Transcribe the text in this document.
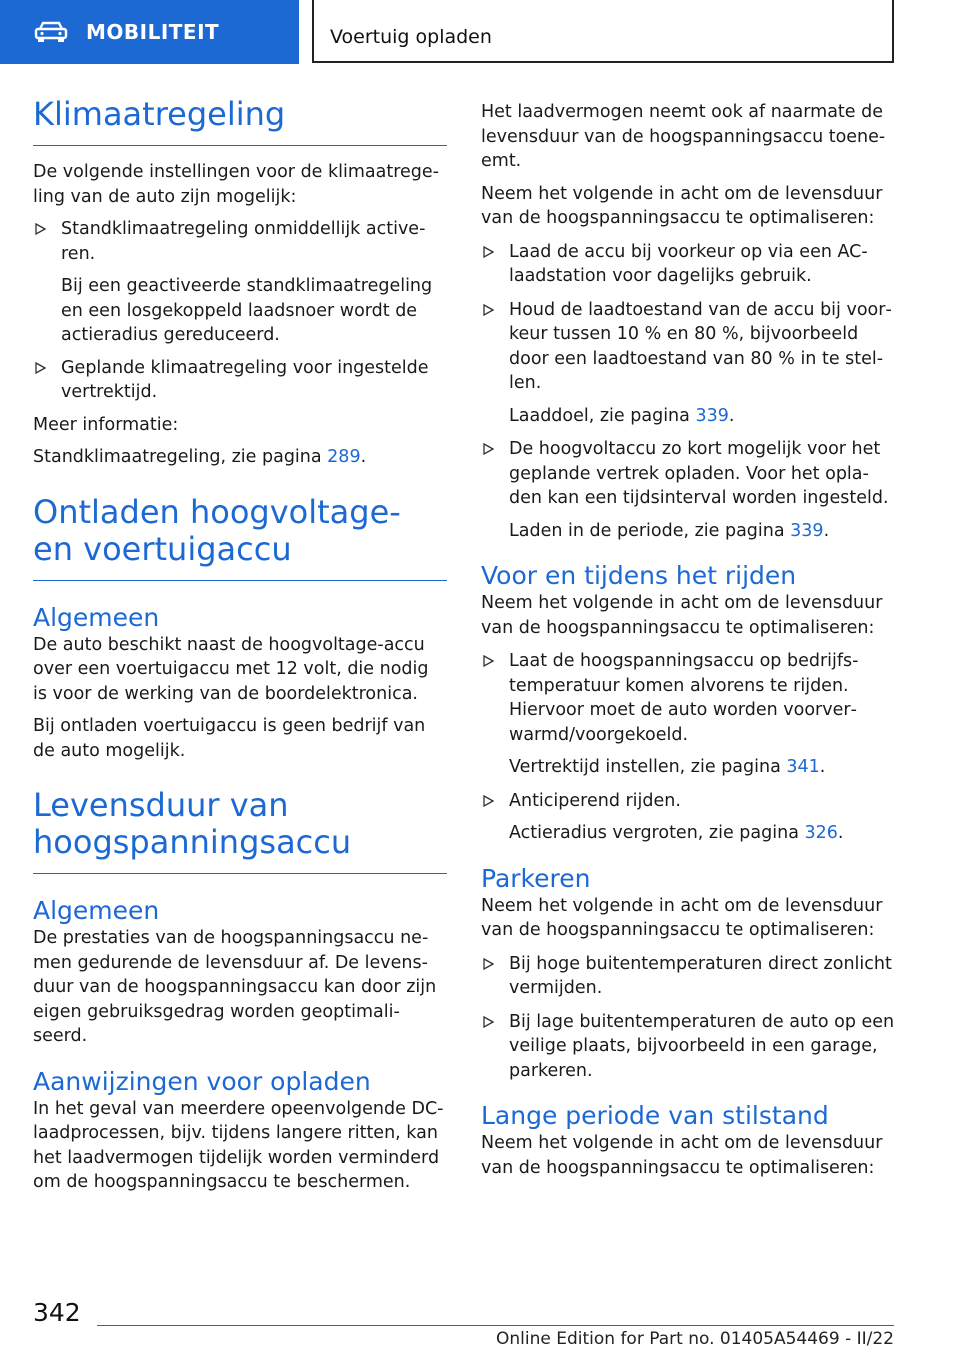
MOBILITEIT	Voertuig opladen
Klimaatregeling

De volgende instellingen voor de klimaatregeling van de auto zijn mogelijk:

Standklimaatregeling onmiddellijk activeren.

Bij een geactiveerde standklimaatregeling en een losgekoppeld laadsnoer wordt de actieradius gereduceerd.

Geplande klimaatregeling voor ingestelde vertrektijd.

Meer informatie:

Standklimaatregeling, zie pagina 289.

Ontladen hoogvoltage- en voertuigaccu
Algemeen

De auto beschikt naast de hoogvoltage-accu over een voertuigaccu met 12 volt, die nodig is voor de werking van de boordelektronica.

Bij ontladen voertuigaccu is geen bedrijf van de auto mogelijk.

Levensduur van hoogspanningsaccu
Algemeen

De prestaties van de hoogspanningsaccu nemen gedurende de levensduur af. De levensduur van de hoogspanningsaccu kan door zijn eigen gebruiksgedrag worden geoptimaliseerd.

Aanwijzingen voor opladen

In het geval van meerdere opeenvolgende DC-laadprocessen, bijv. tijdens langere ritten, kan het laadvermogen tijdelijk worden verminderd om de hoogspanningsaccu te beschermen.

Het laadvermogen neemt ook af naarmate de levensduur van de hoogspanningsaccu toeneemt.

Neem het volgende in acht om de levensduur van de hoogspanningsaccu te optimaliseren:

Laad de accu bij voorkeur op via een AC-laadstation voor dagelijks gebruik.
Houd de laadtoestand van de accu bij voorkeur tussen 10 % en 80 %, bijvoorbeeld door een laadtoestand van 80 % in te stellen.

Laaddoel, zie pagina 339.

De hoogvoltaccu zo kort mogelijk voor het geplande vertrek opladen. Voor het opladen kan een tijdsinterval worden ingesteld.

Laden in de periode, zie pagina 339.

Voor en tijdens het rijden

Neem het volgende in acht om de levensduur van de hoogspanningsaccu te optimaliseren:

Laat de hoogspanningsaccu op bedrijfstemperatuur komen alvorens te rijden. Hiervoor moet de auto worden voorverwarmd/voorgekoeld.

Vertrektijd instellen, zie pagina 341.

Anticiperend rijden.

Actieradius vergroten, zie pagina 326.

Parkeren

Neem het volgende in acht om de levensduur van de hoogspanningsaccu te optimaliseren:

Bij hoge buitentemperaturen direct zonlicht vermijden.
Bij lage buitentemperaturen de auto op een veilige plaats, bijvoorbeeld in een garage, parkeren.
Lange periode van stilstand

Neem het volgende in acht om de levensduur van de hoogspanningsaccu te optimaliseren:

342
Online Edition for Part no. 01405A54469 - II/22
